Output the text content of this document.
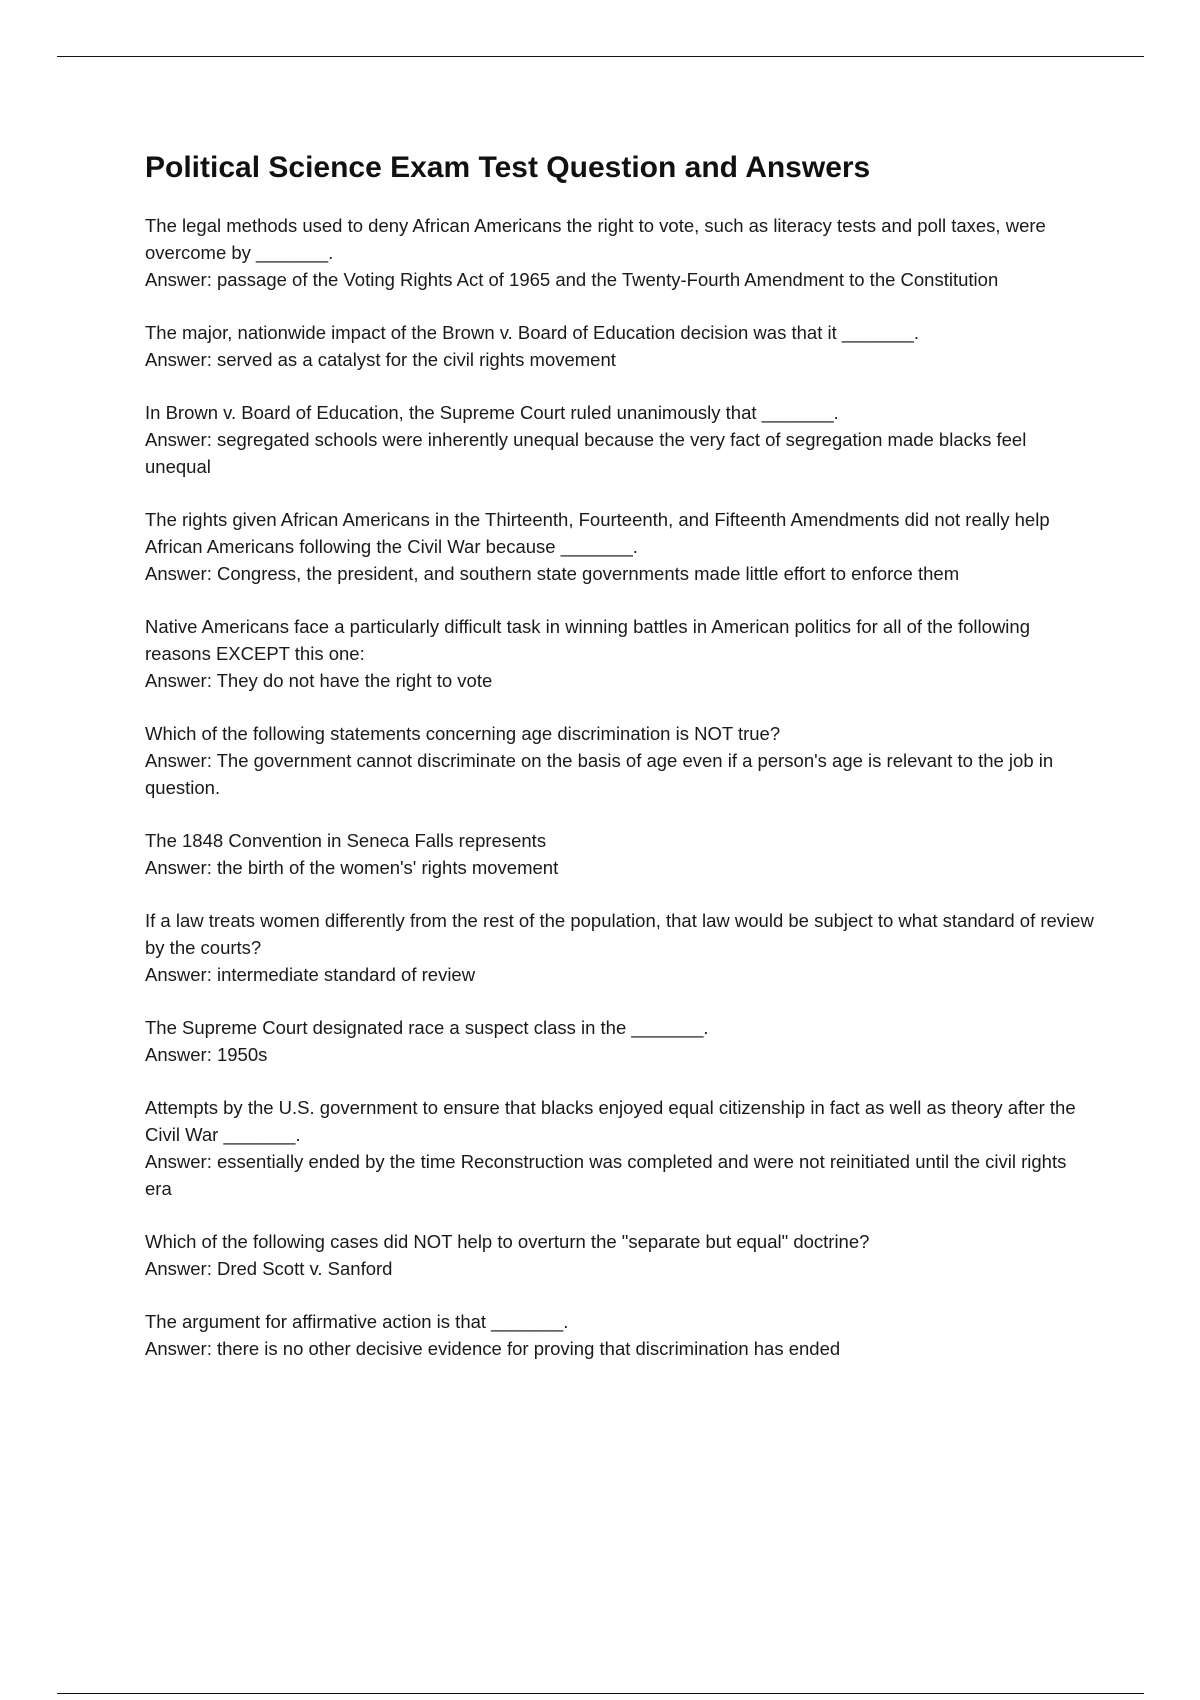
Political Science Exam Test Question and Answers
The legal methods used to deny African Americans the right to vote, such as literacy tests and poll taxes, were overcome by _______.
Answer: passage of the Voting Rights Act of 1965 and the Twenty-Fourth Amendment to the Constitution
The major, nationwide impact of the Brown v. Board of Education decision was that it _______.
Answer: served as a catalyst for the civil rights movement
In Brown v. Board of Education, the Supreme Court ruled unanimously that _______.
Answer: segregated schools were inherently unequal because the very fact of segregation made blacks feel unequal
The rights given African Americans in the Thirteenth, Fourteenth, and Fifteenth Amendments did not really help African Americans following the Civil War because _______.
Answer: Congress, the president, and southern state governments made little effort to enforce them
Native Americans face a particularly difficult task in winning battles in American politics for all of the following reasons EXCEPT this one:
Answer: They do not have the right to vote
Which of the following statements concerning age discrimination is NOT true?
Answer: The government cannot discriminate on the basis of age even if a person's age is relevant to the job in question.
The 1848 Convention in Seneca Falls represents
Answer: the birth of the women's' rights movement
If a law treats women differently from the rest of the population, that law would be subject to what standard of review by the courts?
Answer: intermediate standard of review
The Supreme Court designated race a suspect class in the _______.
Answer: 1950s
Attempts by the U.S. government to ensure that blacks enjoyed equal citizenship in fact as well as theory after the Civil War _______.
Answer: essentially ended by the time Reconstruction was completed and were not reinitiated until the civil rights era
Which of the following cases did NOT help to overturn the "separate but equal" doctrine?
Answer: Dred Scott v. Sanford
The argument for affirmative action is that _______.
Answer: there is no other decisive evidence for proving that discrimination has ended
